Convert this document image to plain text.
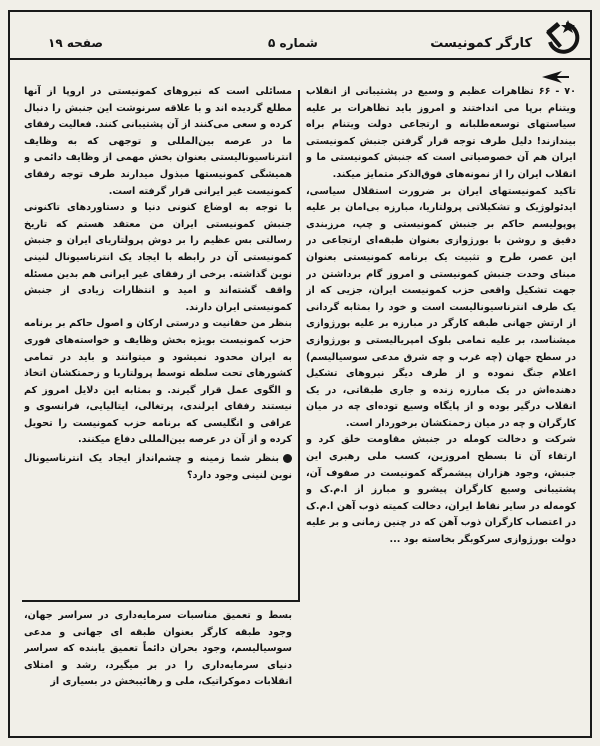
کارگر کمونیست
شماره ۵
صفحه ۱۹

۷۰ - ۶۶ تظاهرات عظیم و وسیع در پشتیبانی از انقلاب ویتنام برپا می انداختند و امروز باید تظاهرات بر علیه سیاستهای توسعه‌طلبانه و ارتجاعی دولت ویتنام براه بیندازند! دلیل طرف توجه قرار گرفتن جنبش کمونیستی ایران هم آن خصوصیاتی است که جنبش کمونیستی ما و انقلاب ایران را از نمونه‌های فوق‌الذکر متمایز میکند.

تاکید کمونیستهای ایران بر ضرورت استقلال سیاسی، ایدئولوژیک و تشکیلاتی پرولتاریا، مبارزه بی‌امان بر علیه پوپولیسم حاکم بر جنبش کمونیستی و چپ، مرزبندی دقیق و روشن با بورژوازی بعنوان طبقه‌ای ارتجاعی در این عصر، طرح و تثبیت یک برنامه کمونیستی بعنوان مبنای وحدت جنبش کمونیستی و امروز گام برداشتن در جهت تشکیل واقعی حزب کمونیست ایران، جزیی که از یک طرف انترناسیونالیست است و خود را بمثابه گردانی از ارتش جهانی طبقه کارگر در مبارزه بر علیه بورژوازی میشناسد، بر علیه تمامی بلوک امپریالیستی و بورژوازی در سطح جهان (چه غرب و چه شرق مدعی سوسیالیسم) اعلام جنگ نموده و از طرف دیگر نیروهای تشکیل دهنده‌اش در یک مبارزه زنده و جاری طبقاتی، در یک انقلاب درگیر بوده و از پایگاه وسیع توده‌ای چه در میان کارگران و چه در میان زحمتکشان برخوردار است.

شرکت و دخالت کومله در جنبش مقاومت خلق کرد و ارتقاء آن تا بسطح امروزین، کسب ملی رهبری این جنبش، وجود هزاران پیشمرگه کمونیست در صفوف آن، پشتیبانی وسیع کارگران پیشرو و مبارز از ا.م.ک و کومه‌له در سایر نقاط ایران، دخالت کمیته ذوب آهن ا.م.ک در اعتصاب کارگران ذوب آهن که در چنین زمانی و بر علیه دولت بورژوازی سرکوبگر بخاسته بود ...

مسائلی است که نیروهای کمونیستی در اروپا از آنها مطلع گردیده اند و با علاقه سرنوشت این جنبش را دنبال کرده و سعی می‌کنند از آن پشتیبانی کنند. فعالیت رفقای ما در عرصه بین‌المللی و توجهی که به وظایف انترناسیونالیستی بعنوان بخش مهمی از وظایف دائمی و همیشگی کمونیستها مبذول میدارند طرف توجه رفقای کمونیست غیر ایرانی قرار گرفته است.

با توجه به اوضاع کنونی دنیا و دستاوردهای تاکنونی جنبش کمونیستی ایران من معتقد هستم که تاریخ رسالتی بس عظیم را بر دوش پرولتاریای ایران و جنبش کمونیستی آن در رابطه با ایجاد یک انترناسیونال لنینی نوین گذاشته. برخی از رفقای غیر ایرانی هم بدین مسئله واقف گشته‌اند و امید و انتظارات زیادی از جنبش کمونیستی ایران دارند.

بنظر من حقانیت و درستی ارکان و اصول حاکم بر برنامه حزب کمونیست بویژه بخش وظایف و خواسته‌های فوری به ایران محدود نمیشود و میتوانند و باید در تمامی کشورهای تحت سلطه توسط پرولتاریا و زحمتکشان اتخاذ و الگوی عمل قرار گیرند. و بمثابه این دلایل امروز کم نیستند رفقای ایرلندی، پرتغالی، ایتالیایی، فرانسوی و عراقی و انگلیسی که برنامه حزب کمونیست را تحویل کرده و از آن در عرصه بین‌المللی دفاع میکنند.

بنظر شما زمینه و چشم‌انداز ایجاد یک انترناسیونال نوین لنینی وجود دارد؟

بسط و تعمیق مناسبات سرمایه‌داری در سراسر جهان، وجود طبقه کارگر بعنوان طبقه ای جهانی و مدعی سوسیالیسم، وجود بحران دائماً تعمیق یابنده که سراسر دنیای سرمایه‌داری را در بر میگیرد، رشد و امتلای انقلابات دموکراتیک، ملی و رهائیبخش در بسیاری از
